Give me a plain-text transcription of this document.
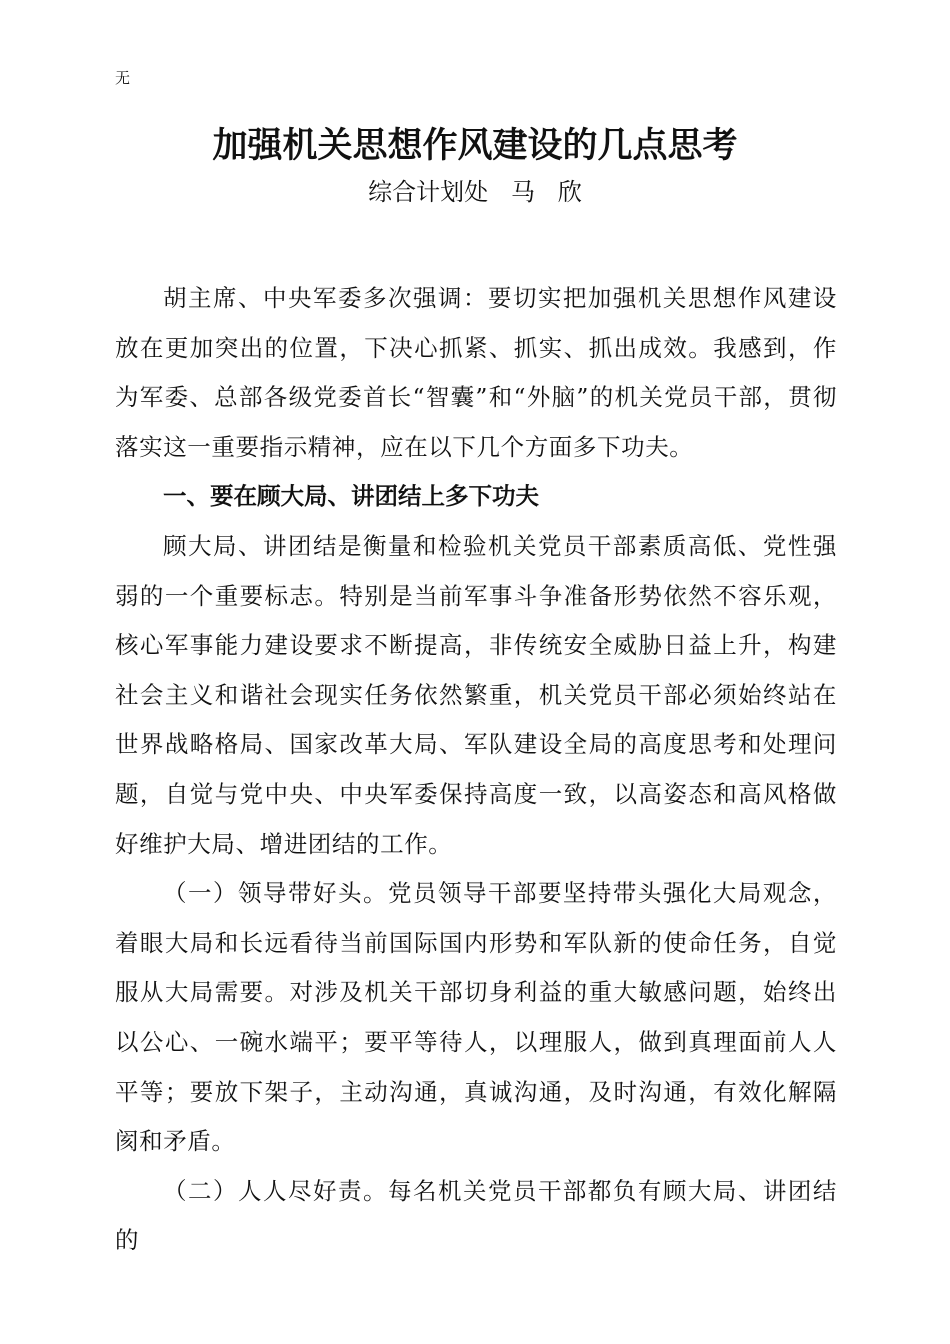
无
加强机关思想作风建设的几点思考
综合计划处   马   欣

胡主席、中央军委多次强调：要切实把加强机关思想作风建设放在更加突出的位置，下决心抓紧、抓实、抓出成效。我感到，作为军委、总部各级党委首长“智囊”和“外脑”的机关党员干部，贯彻落实这一重要指示精神，应在以下几个方面多下功夫。

一、要在顾大局、讲团结上多下功夫

顾大局、讲团结是衡量和检验机关党员干部素质高低、党性强弱的一个重要标志。特别是当前军事斗争准备形势依然不容乐观，核心军事能力建设要求不断提高，非传统安全威胁日益上升，构建社会主义和谐社会现实任务依然繁重，机关党员干部必须始终站在世界战略格局、国家改革大局、军队建设全局的高度思考和处理问题，自觉与党中央、中央军委保持高度一致，以高姿态和高风格做好维护大局、增进团结的工作。

（一）领导带好头。党员领导干部要坚持带头强化大局观念，着眼大局和长远看待当前国际国内形势和军队新的使命任务，自觉服从大局需要。对涉及机关干部切身利益的重大敏感问题，始终出以公心、一碗水端平；要平等待人，以理服人，做到真理面前人人平等；要放下架子，主动沟通，真诚沟通，及时沟通，有效化解隔阂和矛盾。

（二）人人尽好责。每名机关党员干部都负有顾大局、讲团结的
